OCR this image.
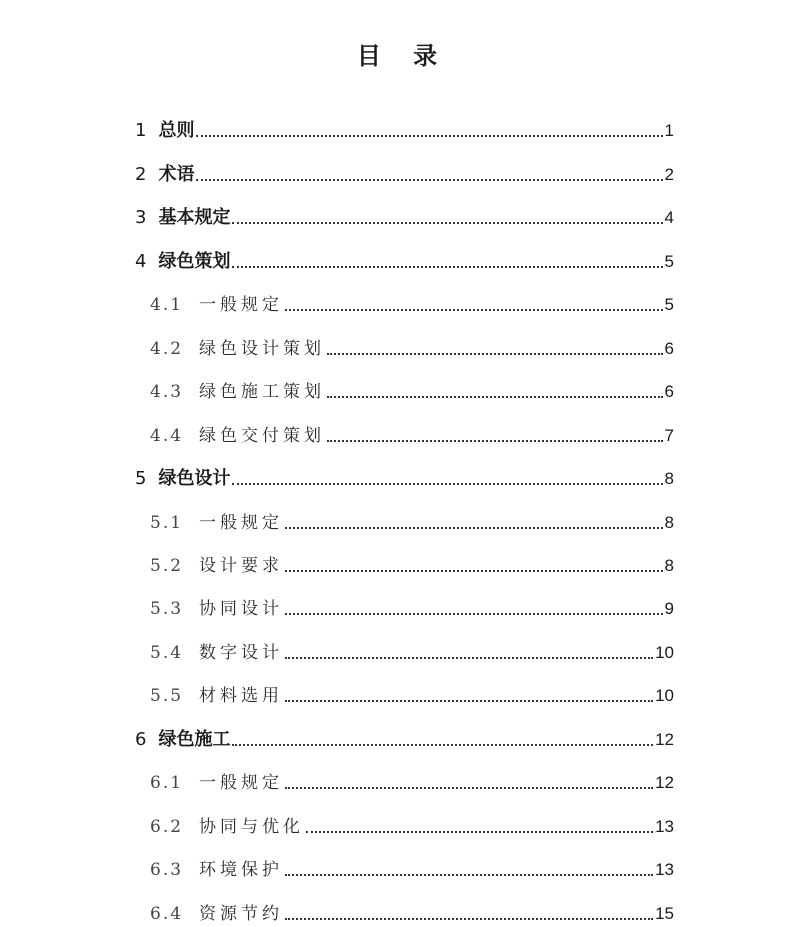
目 录
1 总则	1
2 术语	2
3 基本规定	4
4 绿色策划	5
4.1 一般规定	5
4.2 绿色设计策划	6
4.3 绿色施工策划	6
4.4 绿色交付策划	7
5 绿色设计	8
5.1 一般规定	8
5.2 设计要求	8
5.3 协同设计	9
5.4 数字设计	10
5.5 材料选用	10
6 绿色施工	12
6.1 一般规定	12
6.2 协同与优化	13
6.3 环境保护	13
6.4 资源节约	15
